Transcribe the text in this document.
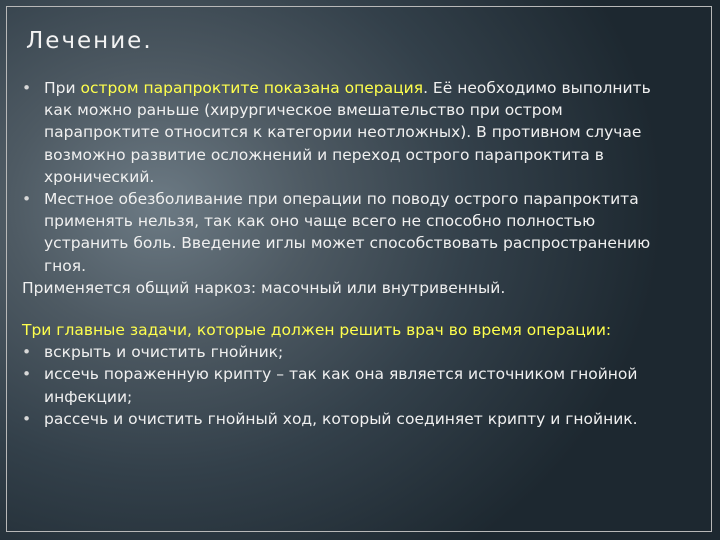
Лечение.
• При остром парапроктите показана операция. Её необходимо выполнить как можно раньше (хирургическое вмешательство при остром парапроктите относится к категории неотложных). В противном случае возможно развитие осложнений и переход острого парапроктита в хронический.
• Местное обезболивание при операции по поводу острого парапроктита применять нельзя, так как оно чаще всего не способно полностью устранить боль. Введение иглы может способствовать распространению гноя.
Применяется общий наркоз: масочный или внутривенный.
Три главные задачи, которые должен решить врач во время операции:
• вскрыть и очистить гнойник;
• иссечь пораженную крипту – так как она является источником гнойной инфекции;
• рассечь и очистить гнойный ход, который соединяет крипту и гнойник.
